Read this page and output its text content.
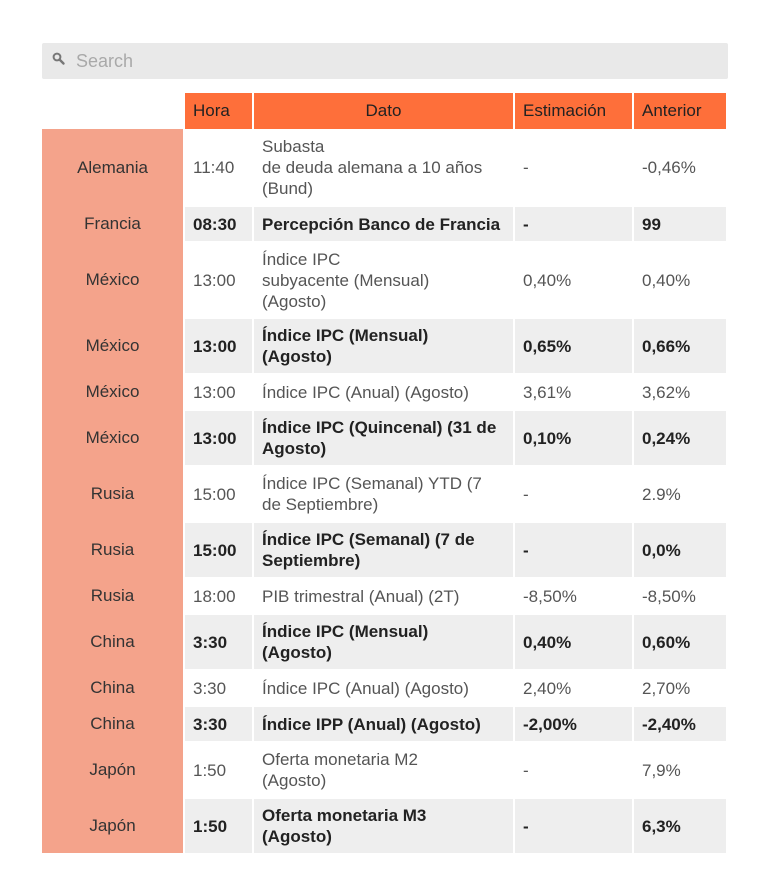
Search
	Hora	Dato	Estimación	Anterior
Alemania	11:40	Subasta
de deuda alemana a 10 años (Bund)	-	-0,46%
Francia	08:30	Percepción Banco de Francia	-	99
México	13:00	Índice IPC
subyacente (Mensual)
(Agosto)	0,40%	0,40%
México	13:00	Índice IPC (Mensual)
(Agosto)	0,65%	0,66%
México	13:00	Índice IPC (Anual) (Agosto)	3,61%	3,62%
México	13:00	Índice IPC (Quincenal) (31 de Agosto)	0,10%	0,24%
Rusia	15:00	Índice IPC (Semanal) YTD (7 de Septiembre)	-	2.9%
Rusia	15:00	Índice IPC (Semanal) (7 de Septiembre)	-	0,0%
Rusia	18:00	PIB trimestral (Anual) (2T)	-8,50%	-8,50%
China	3:30	Índice IPC (Mensual)
(Agosto)	0,40%	0,60%
China	3:30	Índice IPC (Anual) (Agosto)	2,40%	2,70%
China	3:30	Índice IPP (Anual) (Agosto)	-2,00%	-2,40%
Japón	1:50	Oferta monetaria M2
(Agosto)	-	7,9%
Japón	1:50	Oferta monetaria M3
(Agosto)	-	6,3%
